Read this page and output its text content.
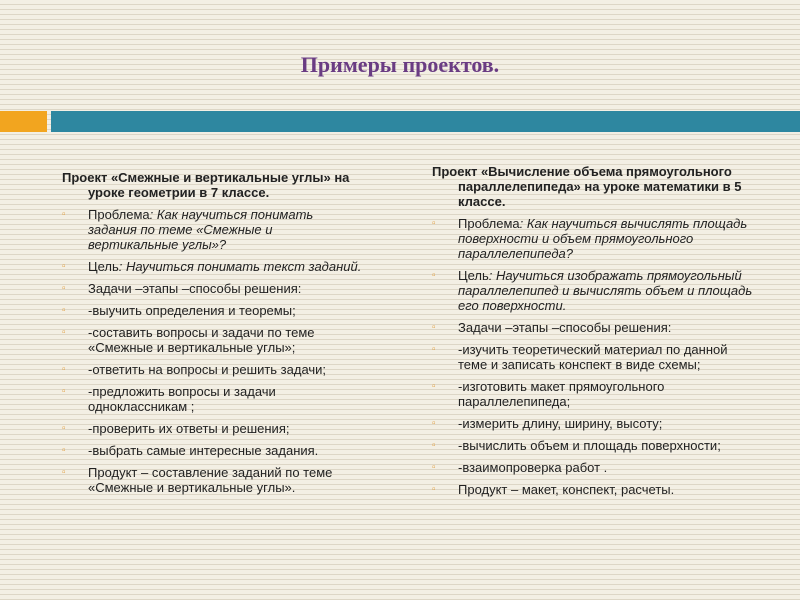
Примеры проектов.
Проект «Смежные и вертикальные углы» на уроке геометрии в 7 классе.
▫ Проблема: Как научиться понимать задания по теме «Смежные и вертикальные углы»?
▫ Цель: Научиться понимать текст заданий.
▫ Задачи –этапы –способы решения:
▫ -выучить определения и теоремы;
▫ -составить вопросы и задачи по теме «Смежные и вертикальные углы»;
▫ -ответить на вопросы и решить задачи;
▫ -предложить вопросы и задачи одноклассникам ;
▫ -проверить их ответы и решения;
▫ -выбрать самые интересные задания.
▫ Продукт – составление заданий по теме «Смежные и вертикальные углы».
Проект «Вычисление объема прямоугольного параллелепипеда» на уроке математики в 5 классе.
▫ Проблема: Как научиться вычислять площадь поверхности и объем прямоугольного параллелепипеда?
▫ Цель: Научиться изображать прямоугольный параллелепипед и вычислять объем и площадь его поверхности.
▫ Задачи –этапы –способы решения:
▫ -изучить теоретический материал по данной теме и записать конспект в виде схемы;
▫ -изготовить макет прямоугольного параллелепипеда;
▫ -измерить длину, ширину, высоту;
▫ -вычислить объем и площадь поверхности;
▫ -взаимопроверка работ .
▫ Продукт – макет, конспект, расчеты.
